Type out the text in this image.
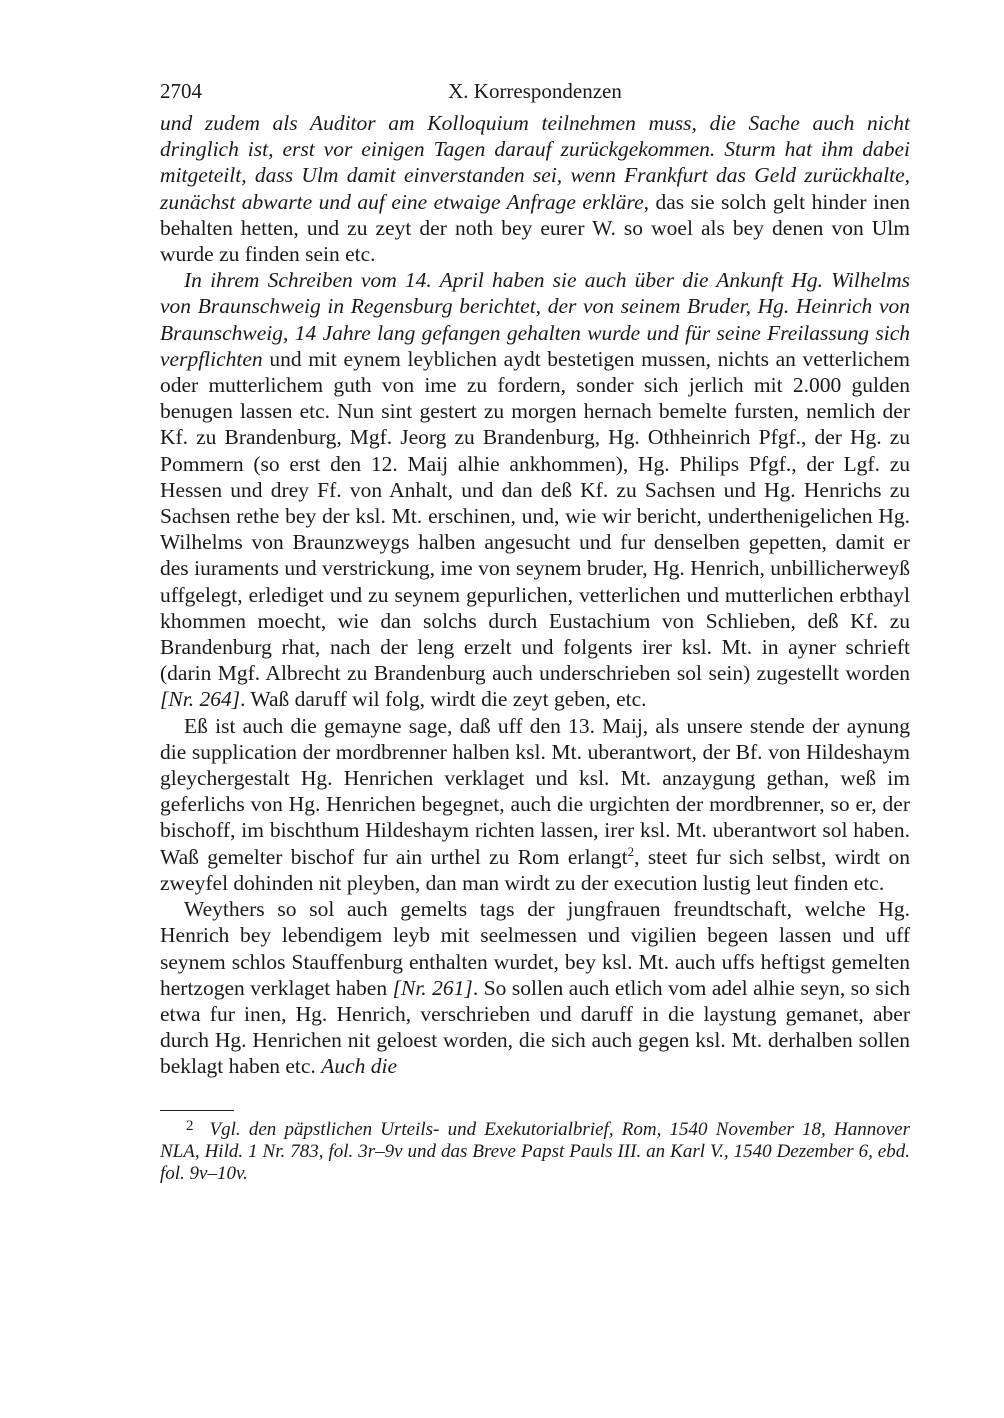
2704	X. Korrespondenzen

und zudem als Auditor am Kolloquium teilnehmen muss, die Sache auch nicht dringlich ist, erst vor einigen Tagen darauf zurückgekommen. Sturm hat ihm dabei mitgeteilt, dass Ulm damit einverstanden sei, wenn Frankfurt das Geld zurückhalte, zunächst abwarte und auf eine etwaige Anfrage erkläre, das sie solch gelt hinder inen behalten hetten, und zu zeyt der noth bey eurer W. so woel als bey denen von Ulm wurde zu finden sein etc.

In ihrem Schreiben vom 14. April haben sie auch über die Ankunft Hg. Wilhelms von Braunschweig in Regensburg berichtet, der von seinem Bruder, Hg. Heinrich von Braunschweig, 14 Jahre lang gefangen gehalten wurde und für seine Freilassung sich verpflichten und mit eynem leyblichen aydt bestetigen mussen, nichts an vetterlichem oder mutterlichem guth von ime zu fordern, sonder sich jerlich mit 2.000 gulden benugen lassen etc. Nun sint gestert zu morgen hernach bemelte fursten, nemlich der Kf. zu Brandenburg, Mgf. Jeorg zu Brandenburg, Hg. Othheinrich Pfgf., der Hg. zu Pommern (so erst den 12. Maij alhie ankhommen), Hg. Philips Pfgf., der Lgf. zu Hessen und drey Ff. von Anhalt, und dan deß Kf. zu Sachsen und Hg. Henrichs zu Sachsen rethe bey der ksl. Mt. erschinen, und, wie wir bericht, underthenigelichen Hg. Wilhelms von Braunzweygs halben angesucht und fur denselben gepetten, damit er des iuraments und verstrickung, ime von seynem bruder, Hg. Henrich, unbillicherweyß uffgelegt, erlediget und zu seynem gepurlichen, vetterlichen und mutterlichen erbthayl khommen moecht, wie dan solchs durch Eustachium von Schlieben, deß Kf. zu Brandenburg rhat, nach der leng erzelt und folgents irer ksl. Mt. in ayner schrieft (darin Mgf. Albrecht zu Brandenburg auch underschrieben sol sein) zugestellt worden [Nr. 264]. Waß daruff wil folg, wirdt die zeyt geben, etc.

Eß ist auch die gemayne sage, daß uff den 13. Maij, als unsere stende der aynung die supplication der mordbrenner halben ksl. Mt. uberantwort, der Bf. von Hildeshaym gleychergestalt Hg. Henrichen verklaget und ksl. Mt. anzaygung gethan, weß im geferlichs von Hg. Henrichen begegnet, auch die urgichten der mordbrenner, so er, der bischoff, im bischthum Hildeshaym richten lassen, irer ksl. Mt. uberantwort sol haben. Waß gemelter bischof fur ain urthel zu Rom erlangt$^2$, steet fur sich selbst, wirdt on zweyfel dohinden nit pleyben, dan man wirdt zu der execution lustig leut finden etc.

Weythers so sol auch gemelts tags der jungfrauen freundtschaft, welche Hg. Henrich bey lebendigem leyb mit seelmessen und vigilien begeen lassen und uff seynem schlos Stauffenburg enthalten wurdet, bey ksl. Mt. auch uffs heftigst gemelten hertzogen verklaget haben [Nr. 261]. So sollen auch etlich vom adel alhie seyn, so sich etwa fur inen, Hg. Henrich, verschrieben und daruff in die laystung gemanet, aber durch Hg. Henrichen nit geloest worden, die sich auch gegen ksl. Mt. derhalben sollen beklagt haben etc. Auch die

$^2$ Vgl. den päpstlichen Urteils- und Exekutorialbrief, Rom, 1540 November 18, Hannover NLA, Hild. 1 Nr. 783, fol. 3r–9v und das Breve Papst Pauls III. an Karl V., 1540 Dezember 6, ebd. fol. 9v–10v.
